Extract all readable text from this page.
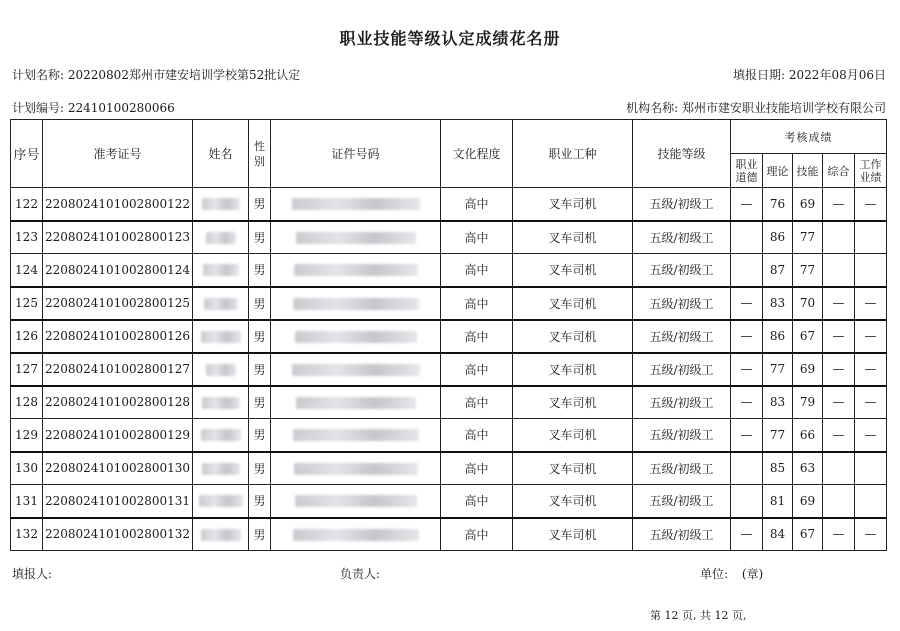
职业技能等级认定成绩花名册
计划名称: 20220802郑州市建安培训学校第52批认定	填报日期: 2022年08月06日
计划编号: 22410100280066	机构名称: 郑州市建安职业技能培训学校有限公司
序号	准考证号	姓名	性别	证件号码	文化程度	职业工种	技能等级	考核成绩				
								职业道德	理论	技能	综合	工作业绩
122	220802410100280012​2		男		高中	叉车司机	五级/初级工	—	76	69	—	—
123	2208024101002800123		男		高中	叉车司机	五级/初级工		86	77		
124	2208024101002800124		男		高中	叉车司机	五级/初级工		87	77		
125	2208024101002800125		男		高中	叉车司机	五级/初级工	—	83	70	—	—
126	2208024101002800126		男		高中	叉车司机	五级/初级工	—	86	67	—	—
127	2208024101002800127		男		高中	叉车司机	五级/初级工	—	77	69	—	—
128	2208024101002800128		男		高中	叉车司机	五级/初级工	—	83	79	—	—
129	2208024101002800129		男		高中	叉车司机	五级/初级工	—	77	66	—	—
130	2208024101002800130		男		高中	叉车司机	五级/初级工		85	63		
131	2208024101002800131		男		高中	叉车司机	五级/初级工		81	69		
132	2208024101002800132		男		高中	叉车司机	五级/初级工	—	84	67	—	—
填报人:	负责人:	单位: (章)
第 12 页, 共 12 页,
